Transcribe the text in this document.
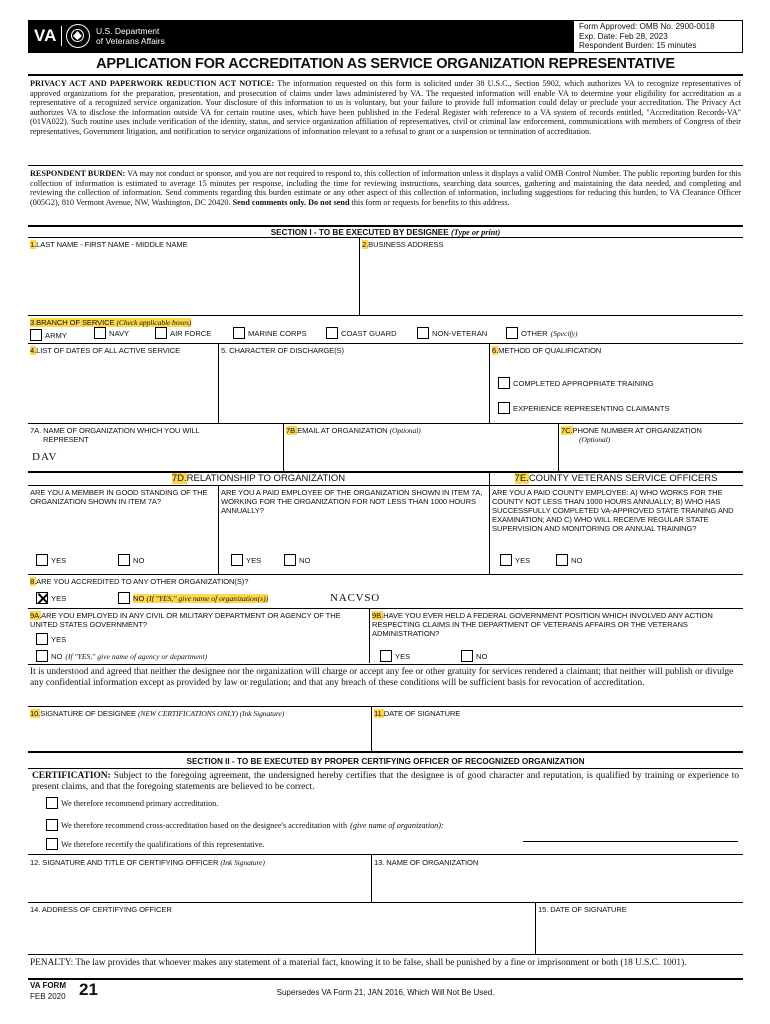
VA	U.S. Department
of Veterans Affairs
Form Approved: OMB No. 2900-0018
Exp. Date: Feb 28, 2023
Respondent Burden: 15 minutes
APPLICATION FOR ACCREDITATION AS SERVICE ORGANIZATION REPRESENTATIVE
PRIVACY ACT AND PAPERWORK REDUCTION ACT NOTICE: The information requested on this form is solicited under 38 U.S.C., Section 5902, which authorizes VA to recognize representatives of approved organizations for the preparation, presentation, and prosecution of claims under laws administered by VA. The requested information will enable VA to determine your eligibility for accreditation as a representative of a recognized service organization. Your disclosure of this information to us is voluntary, but your failure to provide full information could delay or preclude your accreditation. The Privacy Act authorizes VA to disclose the information outside VA for certain routine uses, which have been published in the Federal Register with reference to a VA system of records entitled, "Accreditation Records-VA" (01VA022). Such routine uses include verification of the identity, status, and service organization affiliation of representatives, civil or criminal law enforcement, communications with members of Congress of their representatives, Government litigation, and notification to service organizations of information relevant to a refusal to grant or a suspension or termination of accreditation.
RESPONDENT BURDEN: VA may not conduct or sponsor, and you are not required to respond to, this collection of information unless it displays a valid OMB Control Number. The public reporting burden for this collection of information is estimated to average 15 minutes per response, including the time for reviewing instructions, searching data sources, gathering and maintaining the data needed, and completing and reviewing the collection of information. Send comments regarding this burden estimate or any other aspect of this collection of information, including suggestions for reducing this burden, to VA Clearance Officer (005G2), 810 Vermont Avenue, NW, Washington, DC 20420. Send comments only. Do not send this form or requests for benefits to this address.
SECTION I - TO BE EXECUTED BY DESIGNEE (Type or print)
1.LAST NAME - FIRST NAME - MIDDLE NAME	2.BUSINESS ADDRESS
3.BRANCH OF SERVICE (Check applicable boxes)
ARMY	NAVY	AIR FORCE	MARINE CORPS	COAST GUARD	NON-VETERAN	OTHER (Specify)
4.LIST OF DATES OF ALL ACTIVE SERVICE	5. CHARACTER OF DISCHARGE(S)	6.METHOD OF QUALIFICATION
COMPLETED APPROPRIATE TRAINING
EXPERIENCE REPRESENTING CLAIMANTS
7A. NAME OF ORGANIZATION WHICH YOU WILL
REPRESENT
DAV
7B.EMAIL AT ORGANIZATION (Optional)	7C.PHONE NUMBER AT ORGANIZATION
(Optional)
7D.RELATIONSHIP TO ORGANIZATION	7E.COUNTY VETERANS SERVICE OFFICERS
ARE YOU A MEMBER IN GOOD STANDING OF THE ORGANIZATION SHOWN IN ITEM 7A?
ARE YOU A PAID EMPLOYEE OF THE ORGANIZATION SHOWN IN ITEM 7A, WORKING FOR THE ORGANIZATION FOR NOT LESS THAN 1000 HOURS ANNUALLY?
ARE YOU A PAID COUNTY EMPLOYEE: A) WHO WORKS FOR THE COUNTY NOT LESS THAN 1000 HOURS ANNUALLY; B) WHO HAS SUCCESSFULLY COMPLETED VA-APPROVED STATE TRAINING AND EXAMINATION; AND C) WHO WILL RECEIVE REGULAR STATE SUPERVISION AND MONITORING OR ANNUAL TRAINING?
YES	NO	YES	NO	YES	NO
8.ARE YOU ACCREDITED TO ANY OTHER ORGANIZATION(S)?
YES	NO (If "YES," give name of organization(s))	NACVSO
9A.ARE YOU EMPLOYED IN ANY CIVIL OR MILITARY DEPARTMENT OR AGENCY OF THE UNITED STATES GOVERNMENT?
YES
NO (If "YES," give name of agency or department)
9B.HAVE YOU EVER HELD A FEDERAL GOVERNMENT POSITION WHICH INVOLVED ANY ACTION RESPECTING CLAIMS IN THE DEPARTMENT OF VETERANS AFFAIRS OR THE VETERANS ADMINISTRATION?
YES	NO
It is understood and agreed that neither the designee nor the organization will charge or accept any fee or other gratuity for services rendered a claimant; that neither will publish or divulge any confidential information except as provided by law or regulation; and that any breach of these conditions will be sufficient basis for revocation of accreditation.
10.SIGNATURE OF DESIGNEE (NEW CERTIFICATIONS ONLY) (Ink Signature)	11.DATE OF SIGNATURE
SECTION II - TO BE EXECUTED BY PROPER CERTIFYING OFFICER OF RECOGNIZED ORGANIZATION
CERTIFICATION: Subject to the foregoing agreement, the undersigned hereby certifies that the designee is of good character and reputation, is qualified by training or experience to present claims, and that the foregoing statements are believed to be correct.
We therefore recommend primary accreditation.
We therefore recommend cross-accreditation based on the designee's accreditation with (give name of organization):
We therefore recertify the qualifications of this representative.
12. SIGNATURE AND TITLE OF CERTIFYING OFFICER (Ink Signature)	13. NAME OF ORGANIZATION
14. ADDRESS OF CERTIFYING OFFICER	15. DATE OF SIGNATURE
PENALTY: The law provides that whoever makes any statement of a material fact, knowing it to be false, shall be punished by a fine or imprisonment or both (18 U.S.C. 1001).
VA FORM
FEB 2020 21	Supersedes VA Form 21, JAN 2016, Which Will Not Be Used.
